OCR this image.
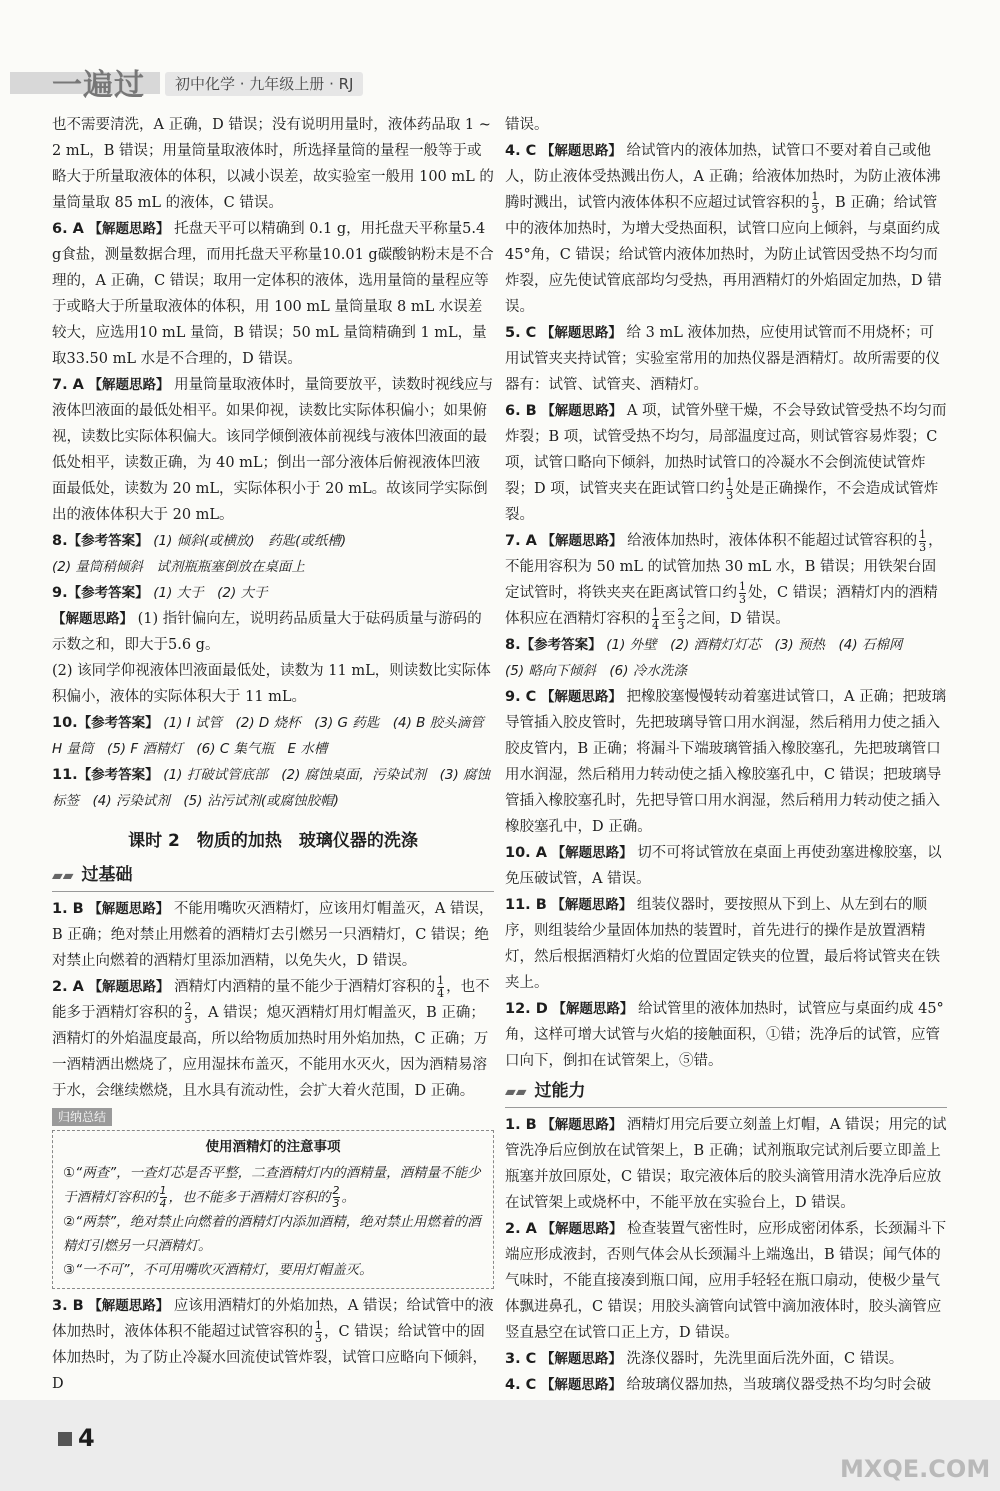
一遍过	初中化学 · 九年级上册 · RJ

也不需要清洗，A 正确，D 错误；没有说明用量时，液体药品取 1 ~ 2 mL，B 错误；用量筒量取液体时，所选择量筒的量程一般等于或略大于所量取液体的体积，以减小误差，故实验室一般用 100 mL 的量筒量取 85 mL 的液体，C 错误。

6. A 【解题思路】 托盘天平可以精确到 0.1 g，用托盘天平称量5.4 g食盐，测量数据合理，而用托盘天平称量10.01 g碳酸钠粉末是不合理的，A 正确，C 错误；取用一定体积的液体，选用量筒的量程应等于或略大于所量取液体的体积，用 100 mL 量筒量取 8 mL 水误差较大，应选用10 mL 量筒，B 错误；50 mL 量筒精确到 1 mL，量取33.50 mL 水是不合理的，D 错误。

7. A 【解题思路】 用量筒量取液体时，量筒要放平，读数时视线应与液体凹液面的最低处相平。如果仰视，读数比实际体积偏小；如果俯视，读数比实际体积偏大。该同学倾倒液体前视线与液体凹液面的最低处相平，读数正确，为 40 mL；倒出一部分液体后俯视液体凹液面最低处，读数为 20 mL，实际体积小于 20 mL。故该同学实际倒出的液体体积大于 20 mL。

8.【参考答案】 (1) 倾斜(或横放)　药匙(或纸槽)
(2) 量筒稍倾斜　试剂瓶瓶塞倒放在桌面上

9.【参考答案】 (1) 大于　(2) 大于
【解题思路】 (1) 指针偏向左，说明药品质量大于砝码质量与游码的示数之和，即大于5.6 g。
(2) 该同学仰视液体凹液面最低处，读数为 11 mL，则读数比实际体积偏小，液体的实际体积大于 11 mL。

10.【参考答案】 (1) I 试管　(2) D 烧杯　(3) G 药匙　(4) B 胶头滴管
H 量筒　(5) F 酒精灯　(6) C 集气瓶　E 水槽

11.【参考答案】 (1) 打破试管底部　(2) 腐蚀桌面，污染试剂　(3) 腐蚀标签　(4) 污染试剂　(5) 沾污试剂(或腐蚀胶帽)

课时 2　物质的加热　玻璃仪器的洗涤
▰▰ 过基础

1. B 【解题思路】 不能用嘴吹灭酒精灯，应该用灯帽盖灭，A 错误，B 正确；绝对禁止用燃着的酒精灯去引燃另一只酒精灯，C 错误；绝对禁止向燃着的酒精灯里添加酒精，以免失火，D 错误。

2. A 【解题思路】 酒精灯内酒精的量不能少于酒精灯容积的 $\frac{1}{4}$ ，也不能多于酒精灯容积的 $\frac{2}{3}$ ，A 错误；熄灭酒精灯用灯帽盖灭，B 正确；酒精灯的外焰温度最高，所以给物质加热时用外焰加热，C 正确；万一酒精洒出燃烧了，应用湿抹布盖灭，不能用水灭火，因为酒精易溶于水，会继续燃烧，且水具有流动性，会扩大着火范围，D 正确。

归纳总结
使用酒精灯的注意事项
①“两查”，一查灯芯是否平整，二查酒精灯内的酒精量，酒精量不能少于酒精灯容积的 $\frac{1}{4}$ ，也不能多于酒精灯容积的 $\frac{2}{3}$ 。
②“两禁”，绝对禁止向燃着的酒精灯内添加酒精，绝对禁止用燃着的酒精灯引燃另一只酒精灯。
③“一不可”，不可用嘴吹灭酒精灯，要用灯帽盖灭。

3. B 【解题思路】 应该用酒精灯的外焰加热，A 错误；给试管中的液体加热时，液体体积不能超过试管容积的 $\frac{1}{3}$ ，C 错误；给试管中的固体加热时，为了防止冷凝水回流使试管炸裂，试管口应略向下倾斜，D

错误。

4. C 【解题思路】 给试管内的液体加热，试管口不要对着自己或他人，防止液体受热溅出伤人，A 正确；给液体加热时，为防止液体沸腾时溅出，试管内液体体积不应超过试管容积的 $\frac{1}{3}$ ，B 正确；给试管中的液体加热时，为增大受热面积，试管口应向上倾斜，与桌面约成 45°角，C 错误；给试管内液体加热时，为防止试管因受热不均匀而炸裂，应先使试管底部均匀受热，再用酒精灯的外焰固定加热，D 错误。

5. C 【解题思路】 给 3 mL 液体加热，应使用试管而不用烧杯；可用试管夹夹持试管；实验室常用的加热仪器是酒精灯。故所需要的仪器有：试管、试管夹、酒精灯。

6. B 【解题思路】 A 项，试管外壁干燥，不会导致试管受热不均匀而炸裂；B 项，试管受热不均匀，局部温度过高，则试管容易炸裂；C 项，试管口略向下倾斜，加热时试管口的冷凝水不会倒流使试管炸裂；D 项，试管夹夹在距试管口约 $\frac{1}{3}$ 处是正确操作，不会造成试管炸裂。

7. A 【解题思路】 给液体加热时，液体体积不能超过试管容积的 $\frac{1}{3}$ ，不能用容积为 50 mL 的试管加热 30 mL 水，B 错误；用铁架台固定试管时，将铁夹夹在距离试管口约 $\frac{1}{3}$ 处，C 错误；酒精灯内的酒精体积应在酒精灯容积的 $\frac{1}{4}$ 至 $\frac{2}{3}$ 之间，D 错误。

8.【参考答案】 (1) 外壁　(2) 酒精灯灯芯　(3) 预热　(4) 石棉网
(5) 略向下倾斜　(6) 冷水洗涤

9. C 【解题思路】 把橡胶塞慢慢转动着塞进试管口，A 正确；把玻璃导管插入胶皮管时，先把玻璃导管口用水润湿，然后稍用力使之插入胶皮管内，B 正确；将漏斗下端玻璃管插入橡胶塞孔，先把玻璃管口用水润湿，然后稍用力转动使之插入橡胶塞孔中，C 错误；把玻璃导管插入橡胶塞孔时，先把导管口用水润湿，然后稍用力转动使之插入橡胶塞孔中，D 正确。

10. A 【解题思路】 切不可将试管放在桌面上再使劲塞进橡胶塞，以免压破试管，A 错误。

11. B 【解题思路】 组装仪器时，要按照从下到上、从左到右的顺序，则组装给少量固体加热的装置时，首先进行的操作是放置酒精灯，然后根据酒精灯火焰的位置固定铁夹的位置，最后将试管夹在铁夹上。

12. D 【解题思路】 给试管里的液体加热时，试管应与桌面约成 45°角，这样可增大试管与火焰的接触面积，①错；洗净后的试管，应管口向下，倒扣在试管架上，⑤错。

▰▰ 过能力

1. B 【解题思路】 酒精灯用完后要立刻盖上灯帽，A 错误；用完的试管洗净后应倒放在试管架上，B 正确；试剂瓶取完试剂后要立即盖上瓶塞并放回原处，C 错误；取完液体后的胶头滴管用清水洗净后应放在试管架上或烧杯中，不能平放在实验台上，D 错误。

2. A 【解题思路】 检查装置气密性时，应形成密闭体系，长颈漏斗下端应形成液封，否则气体会从长颈漏斗上端逸出，B 错误；闻气体的气味时，不能直接凑到瓶口闻，应用手轻轻在瓶口扇动，使极少量气体飘进鼻孔，C 错误；用胶头滴管向试管中滴加液体时，胶头滴管应竖直悬空在试管口正上方，D 错误。

3. C 【解题思路】 洗涤仪器时，先洗里面后洗外面，C 错误。

4. C 【解题思路】 给玻璃仪器加热，当玻璃仪器受热不均匀时会破

4
MXQE.COM
